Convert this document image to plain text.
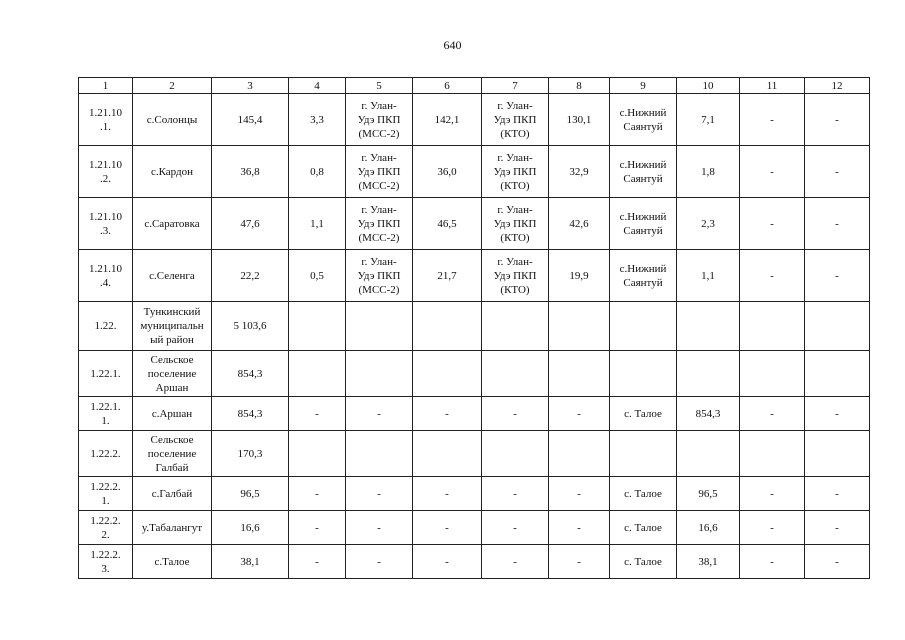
640
1	2	3	4	5	6	7	8	9	10	11	12

1.21.10
.1.	с.Солонцы	145,4	3,3	г. Улан-
Удэ ПКП
(МСС-2)	142,1	г. Улан-
Удэ ПКП
(КТО)	130,1	с.Нижний
Саянтуй	7,1	-	-

1.21.10
.2.	с.Кардон	36,8	0,8	г. Улан-
Удэ ПКП
(МСС-2)	36,0	г. Улан-
Удэ ПКП
(КТО)	32,9	с.Нижний
Саянтуй	1,8	-	-

1.21.10
.3.	с.Саратовка	47,6	1,1	г. Улан-
Удэ ПКП
(МСС-2)	46,5	г. Улан-
Удэ ПКП
(КТО)	42,6	с.Нижний
Саянтуй	2,3	-	-

1.21.10
.4.	с.Селенга	22,2	0,5	г. Улан-
Удэ ПКП
(МСС-2)	21,7	г. Улан-
Удэ ПКП
(КТО)	19,9	с.Нижний
Саянтуй	1,1	-	-

1.22.	Тункинский
муниципальн
ый район	5 103,6									

1.22.1.	Сельское
поселение
Аршан	854,3									

1.22.1.
1.	с.Аршан	854,3	-	-	-	-	-	с. Талое	854,3	-	-

1.22.2.	Сельское
поселение
Галбай	170,3									

1.22.2.
1.	с.Галбай	96,5	-	-	-	-	-	с. Талое	96,5	-	-

1.22.2.
2.	у.Табалангут	16,6	-	-	-	-	-	с. Талое	16,6	-	-

1.22.2.
3.	с.Талое	38,1	-	-	-	-	-	с. Талое	38,1	-	-
